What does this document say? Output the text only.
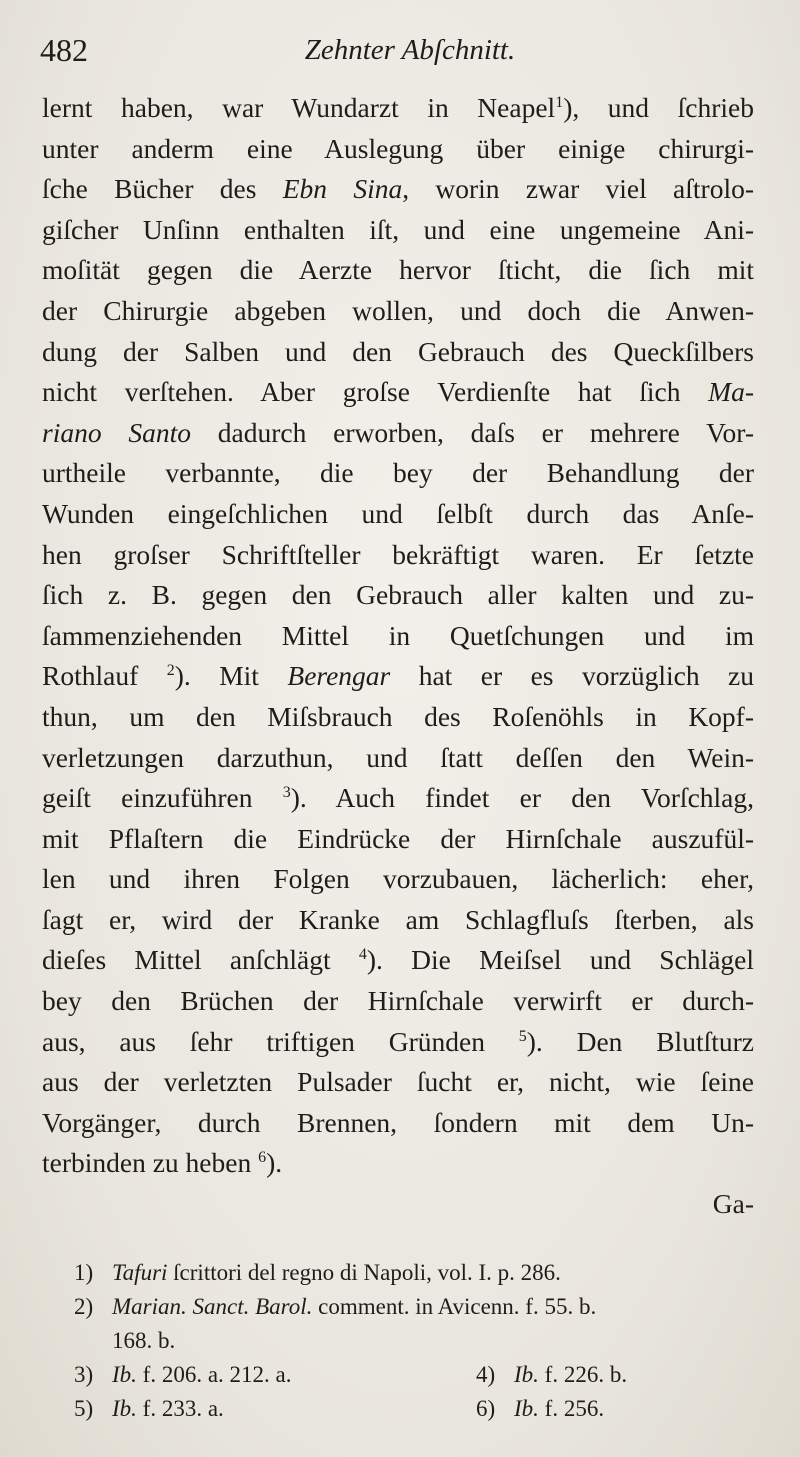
482	Zehnter Abſchnitt.
lernt haben, war Wundarzt in Neapel$^1$), und ſchrieb
unter anderm eine Auslegung über einige chirurgi-
ſche Bücher des Ebn Sina, worin zwar viel aſtrolo-
giſcher Unſinn enthalten iſt, und eine ungemeine Ani-
moſität gegen die Aerzte hervor ſticht, die ſich mit
der Chirurgie abgeben wollen, und doch die Anwen-
dung der Salben und den Gebrauch des Queckſilbers
nicht verſtehen. Aber groſse Verdienſte hat ſich Ma-
riano Santo dadurch erworben, daſs er mehrere Vor-
urtheile verbannte, die bey der Behandlung der
Wunden eingeſchlichen und ſelbſt durch das Anſe-
hen groſser Schriftſteller bekräftigt waren. Er ſetzte
ſich z. B. gegen den Gebrauch aller kalten und zu-
ſammenziehenden Mittel in Quetſchungen und im
Rothlauf $^2$). Mit Berengar hat er es vorzüglich zu
thun, um den Miſsbrauch des Roſenöhls in Kopf-
verletzungen darzuthun, und ſtatt deſſen den Wein-
geiſt einzuführen $^3$). Auch findet er den Vorſchlag,
mit Pflaſtern die Eindrücke der Hirnſchale auszufül-
len und ihren Folgen vorzubauen, lächerlich: eher,
ſagt er, wird der Kranke am Schlagfluſs ſterben, als
dieſes Mittel anſchlägt $^4$). Die Meiſsel und Schlägel
bey den Brüchen der Hirnſchale verwirft er durch-
aus, aus ſehr triftigen Gründen $^5$). Den Blutſturz
aus der verletzten Pulsader ſucht er, nicht, wie ſeine
Vorgänger, durch Brennen, ſondern mit dem Un-
terbinden zu heben $^6$).
Ga-
1) Tafuri ſcrittori del regno di Napoli, vol. I. p. 286.
2) Marian. Sanct. Barol. comment. in Avicenn. f. 55. b.
168. b.
3) Ib. f. 206. a. 212. a.	4) Ib. f. 226. b.
5) Ib. f. 233. a.	6) Ib. f. 256.
